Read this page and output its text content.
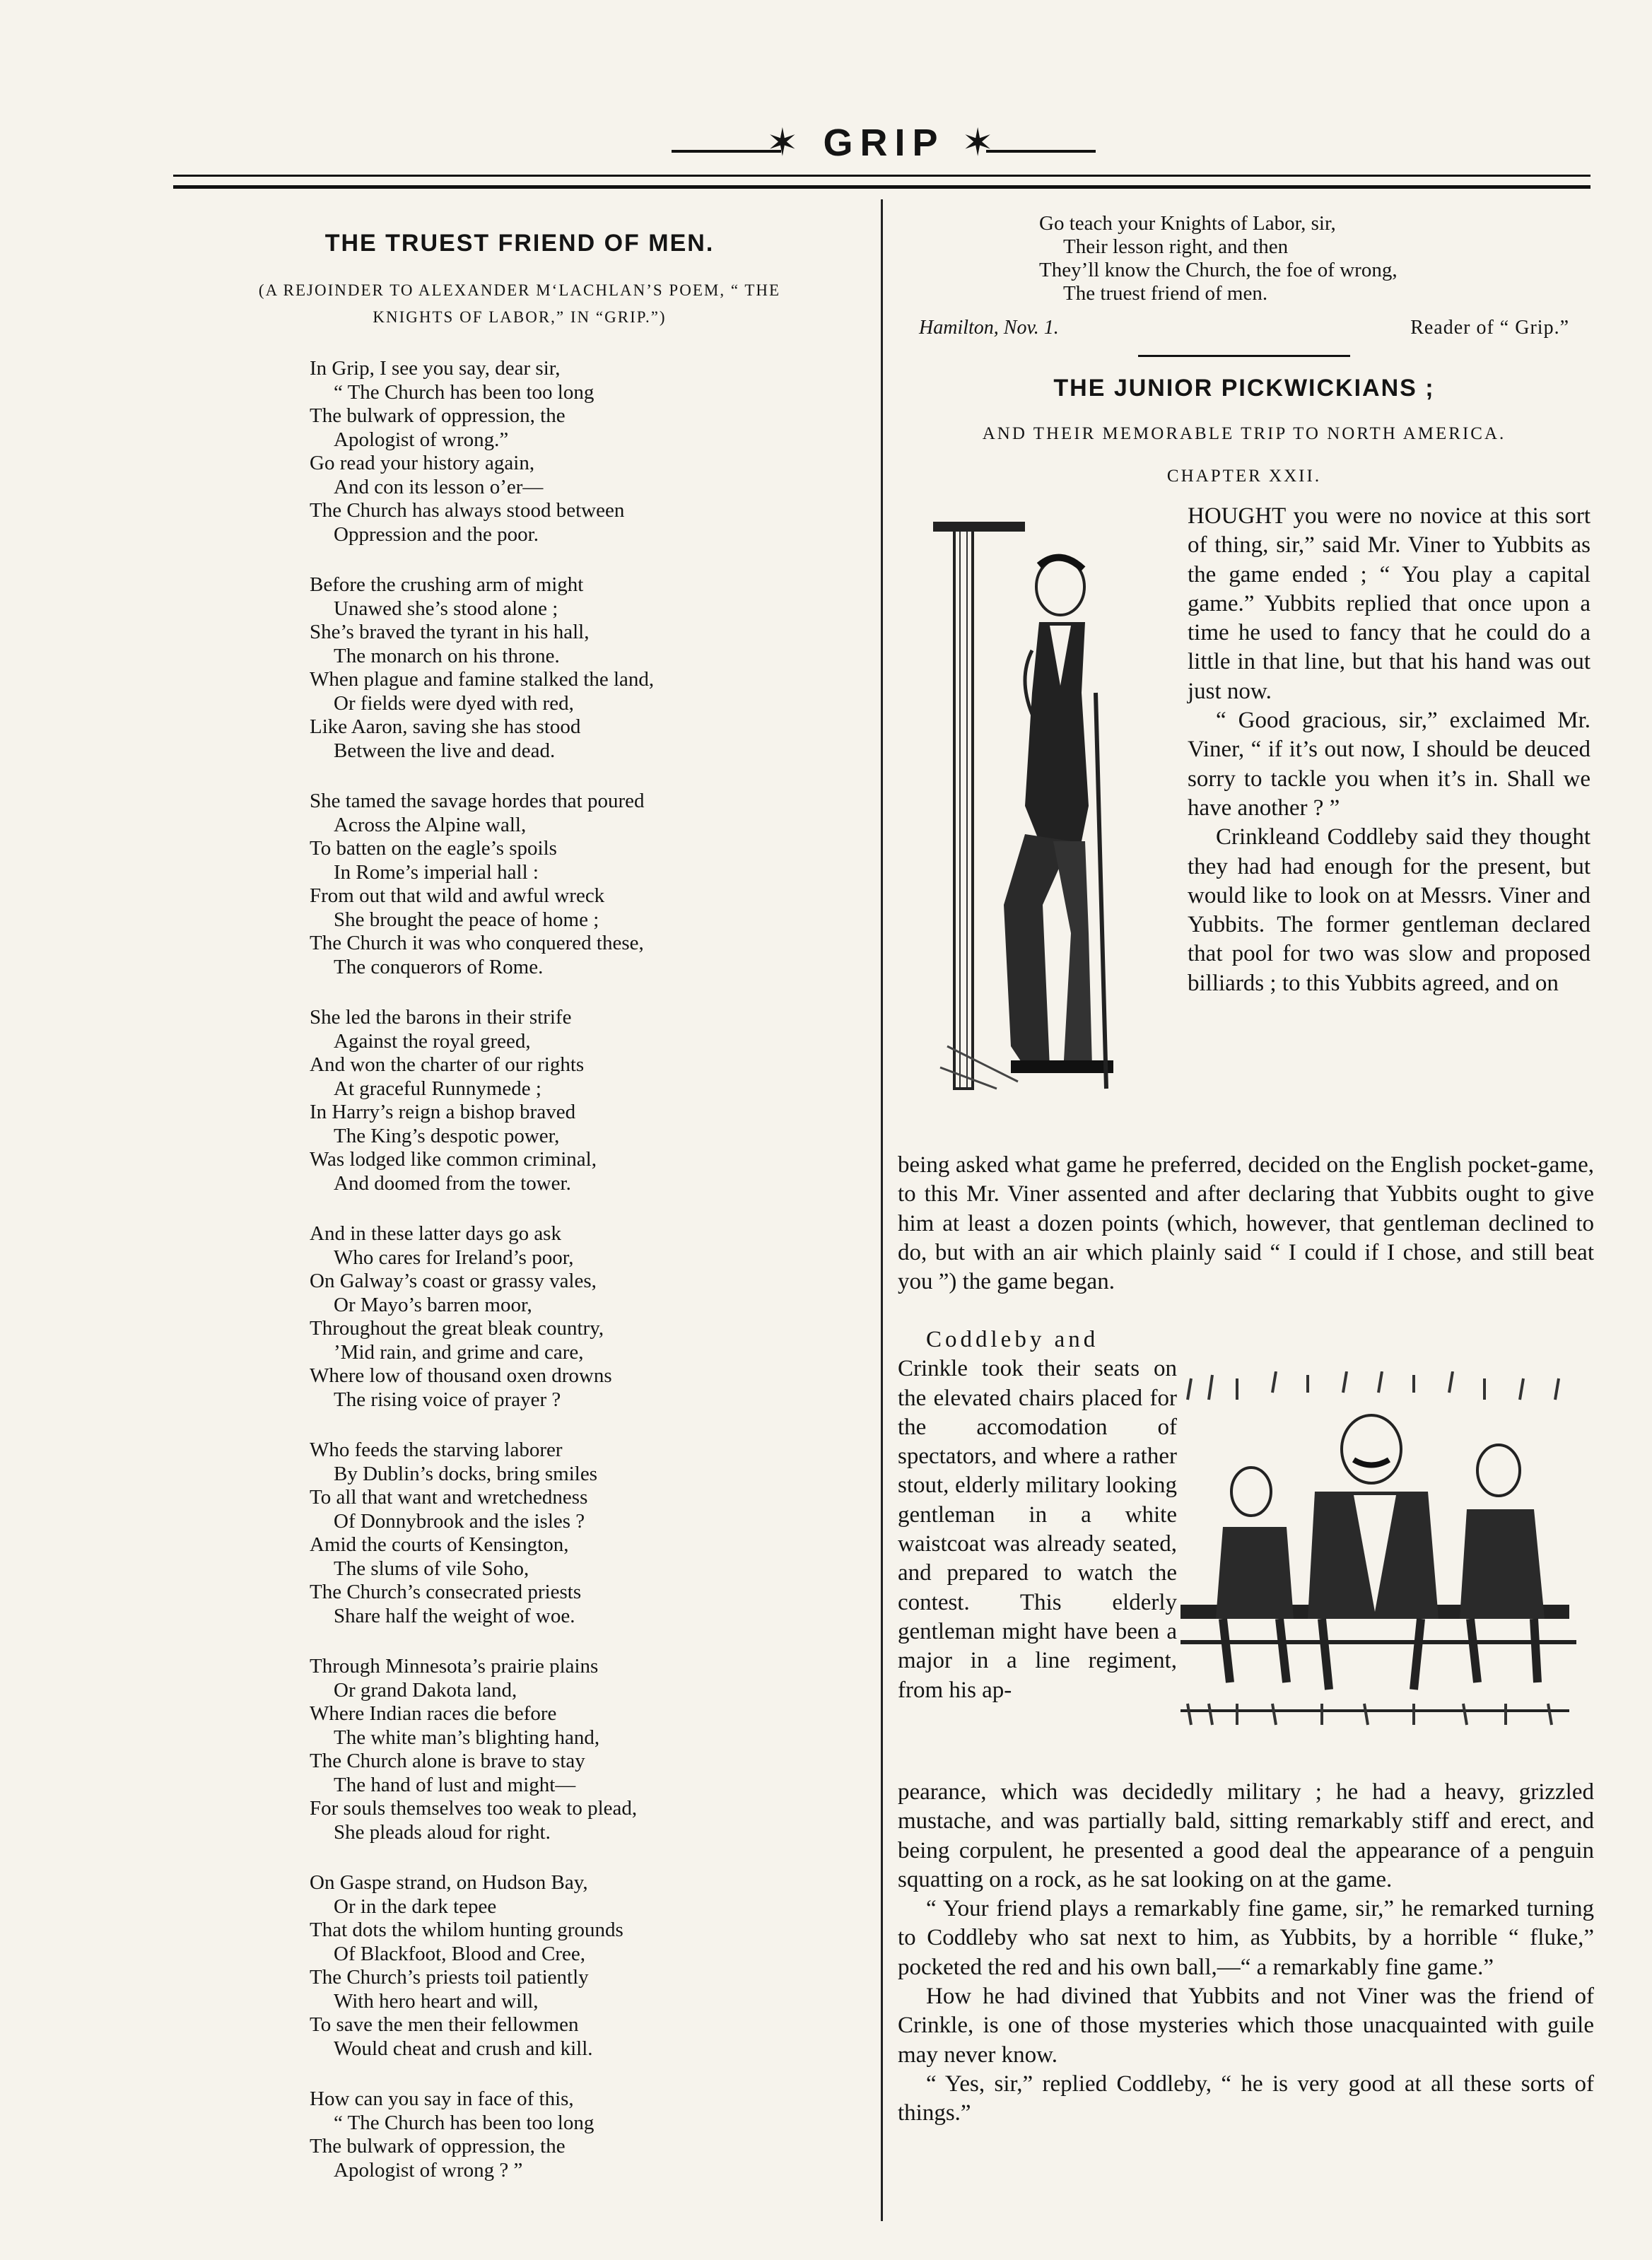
✶ GRIP ✶
THE TRUEST FRIEND OF MEN.
(A REJOINDER TO ALEXANDER M‘LACHLAN’S POEM, “ THE
KNIGHTS OF LABOR,” IN “GRIP.”)
In Grip, I see you say, dear sir,
“ The Church has been too long
The bulwark of oppression, the
Apologist of wrong.”
Go read your history again,
And con its lesson o’er—
The Church has always stood between
Oppression and the poor.
Before the crushing arm of might
Unawed she’s stood alone ;
She’s braved the tyrant in his hall,
The monarch on his throne.
When plague and famine stalked the land,
Or fields were dyed with red,
Like Aaron, saving she has stood
Between the live and dead.
She tamed the savage hordes that poured
Across the Alpine wall,
To batten on the eagle’s spoils
In Rome’s imperial hall :
From out that wild and awful wreck
She brought the peace of home ;
The Church it was who conquered these,
The conquerors of Rome.
She led the barons in their strife
Against the royal greed,
And won the charter of our rights
At graceful Runnymede ;
In Harry’s reign a bishop braved
The King’s despotic power,
Was lodged like common criminal,
And doomed from the tower.
And in these latter days go ask
Who cares for Ireland’s poor,
On Galway’s coast or grassy vales,
Or Mayo’s barren moor,
Throughout the great bleak country,
’Mid rain, and grime and care,
Where low of thousand oxen drowns
The rising voice of prayer ?
Who feeds the starving laborer
By Dublin’s docks, bring smiles
To all that want and wretchedness
Of Donnybrook and the isles ?
Amid the courts of Kensington,
The slums of vile Soho,
The Church’s consecrated priests
Share half the weight of woe.
Through Minnesota’s prairie plains
Or grand Dakota land,
Where Indian races die before
The white man’s blighting hand,
The Church alone is brave to stay
The hand of lust and might—
For souls themselves too weak to plead,
She pleads aloud for right.
On Gaspe strand, on Hudson Bay,
Or in the dark tepee
That dots the whilom hunting grounds
Of Blackfoot, Blood and Cree,
The Church’s priests toil patiently
With hero heart and will,
To save the men their fellowmen
Would cheat and crush and kill.
How can you say in face of this,
“ The Church has been too long
The bulwark of oppression, the
Apologist of wrong ? ”
Go teach your Knights of Labor, sir,
Their lesson right, and then
They’ll know the Church, the foe of wrong,
The truest friend of men.
Hamilton, Nov. 1.	Reader of “ Grip.”
THE JUNIOR PICKWICKIANS ;
AND THEIR MEMORABLE TRIP TO NORTH AMERICA.
CHAPTER XXII.

HOUGHT you were no novice at this sort of thing, sir,” said Mr. Viner to Yubbits as the game ended ; “ You play a capital game.” Yubbits replied that once upon a time he used to fancy that he could do a little in that line, but that his hand was out just now.

“ Good gracious, sir,” exclaimed Mr. Viner, “ if it’s out now, I should be deuced sorry to tackle you when it’s in. Shall we have another ? ”

Crinkleand Coddleby said they thought they had had enough for the present, but would like to look on at Messrs. Viner and Yubbits. The former gentleman declared that pool for two was slow and proposed billiards ; to this Yubbits agreed, and on

being asked what game he preferred, decided on the English pocket-game, to this Mr. Viner assented and after declaring that Yubbits ought to give him at least a dozen points (which, however, that gentleman declined to do, but with an air which plainly said “ I could if I chose, and still beat you ”) the game began.

Coddleby and

Crinkle took their seats on the elevated chairs placed for the accomodation of spectators, and where a rather stout, elderly military looking gentleman in a white waistcoat was already seated, and prepared to watch the contest. This elderly gentleman might have been a major in a line regiment, from his ap-

pearance, which was decidedly military ; he had a heavy, grizzled mustache, and was partially bald, sitting remarkably stiff and erect, and being corpulent, he presented a good deal the appearance of a penguin squatting on a rock, as he sat looking on at the game.

“ Your friend plays a remarkably fine game, sir,” he remarked turning to Coddleby who sat next to him, as Yubbits, by a horrible “ fluke,” pocketed the red and his own ball,—“ a remarkably fine game.”

How he had divined that Yubbits and not Viner was the friend of Crinkle, is one of those mysteries which those unacquainted with guile may never know.

“ Yes, sir,” replied Coddleby, “ he is very good at all these sorts of things.”
